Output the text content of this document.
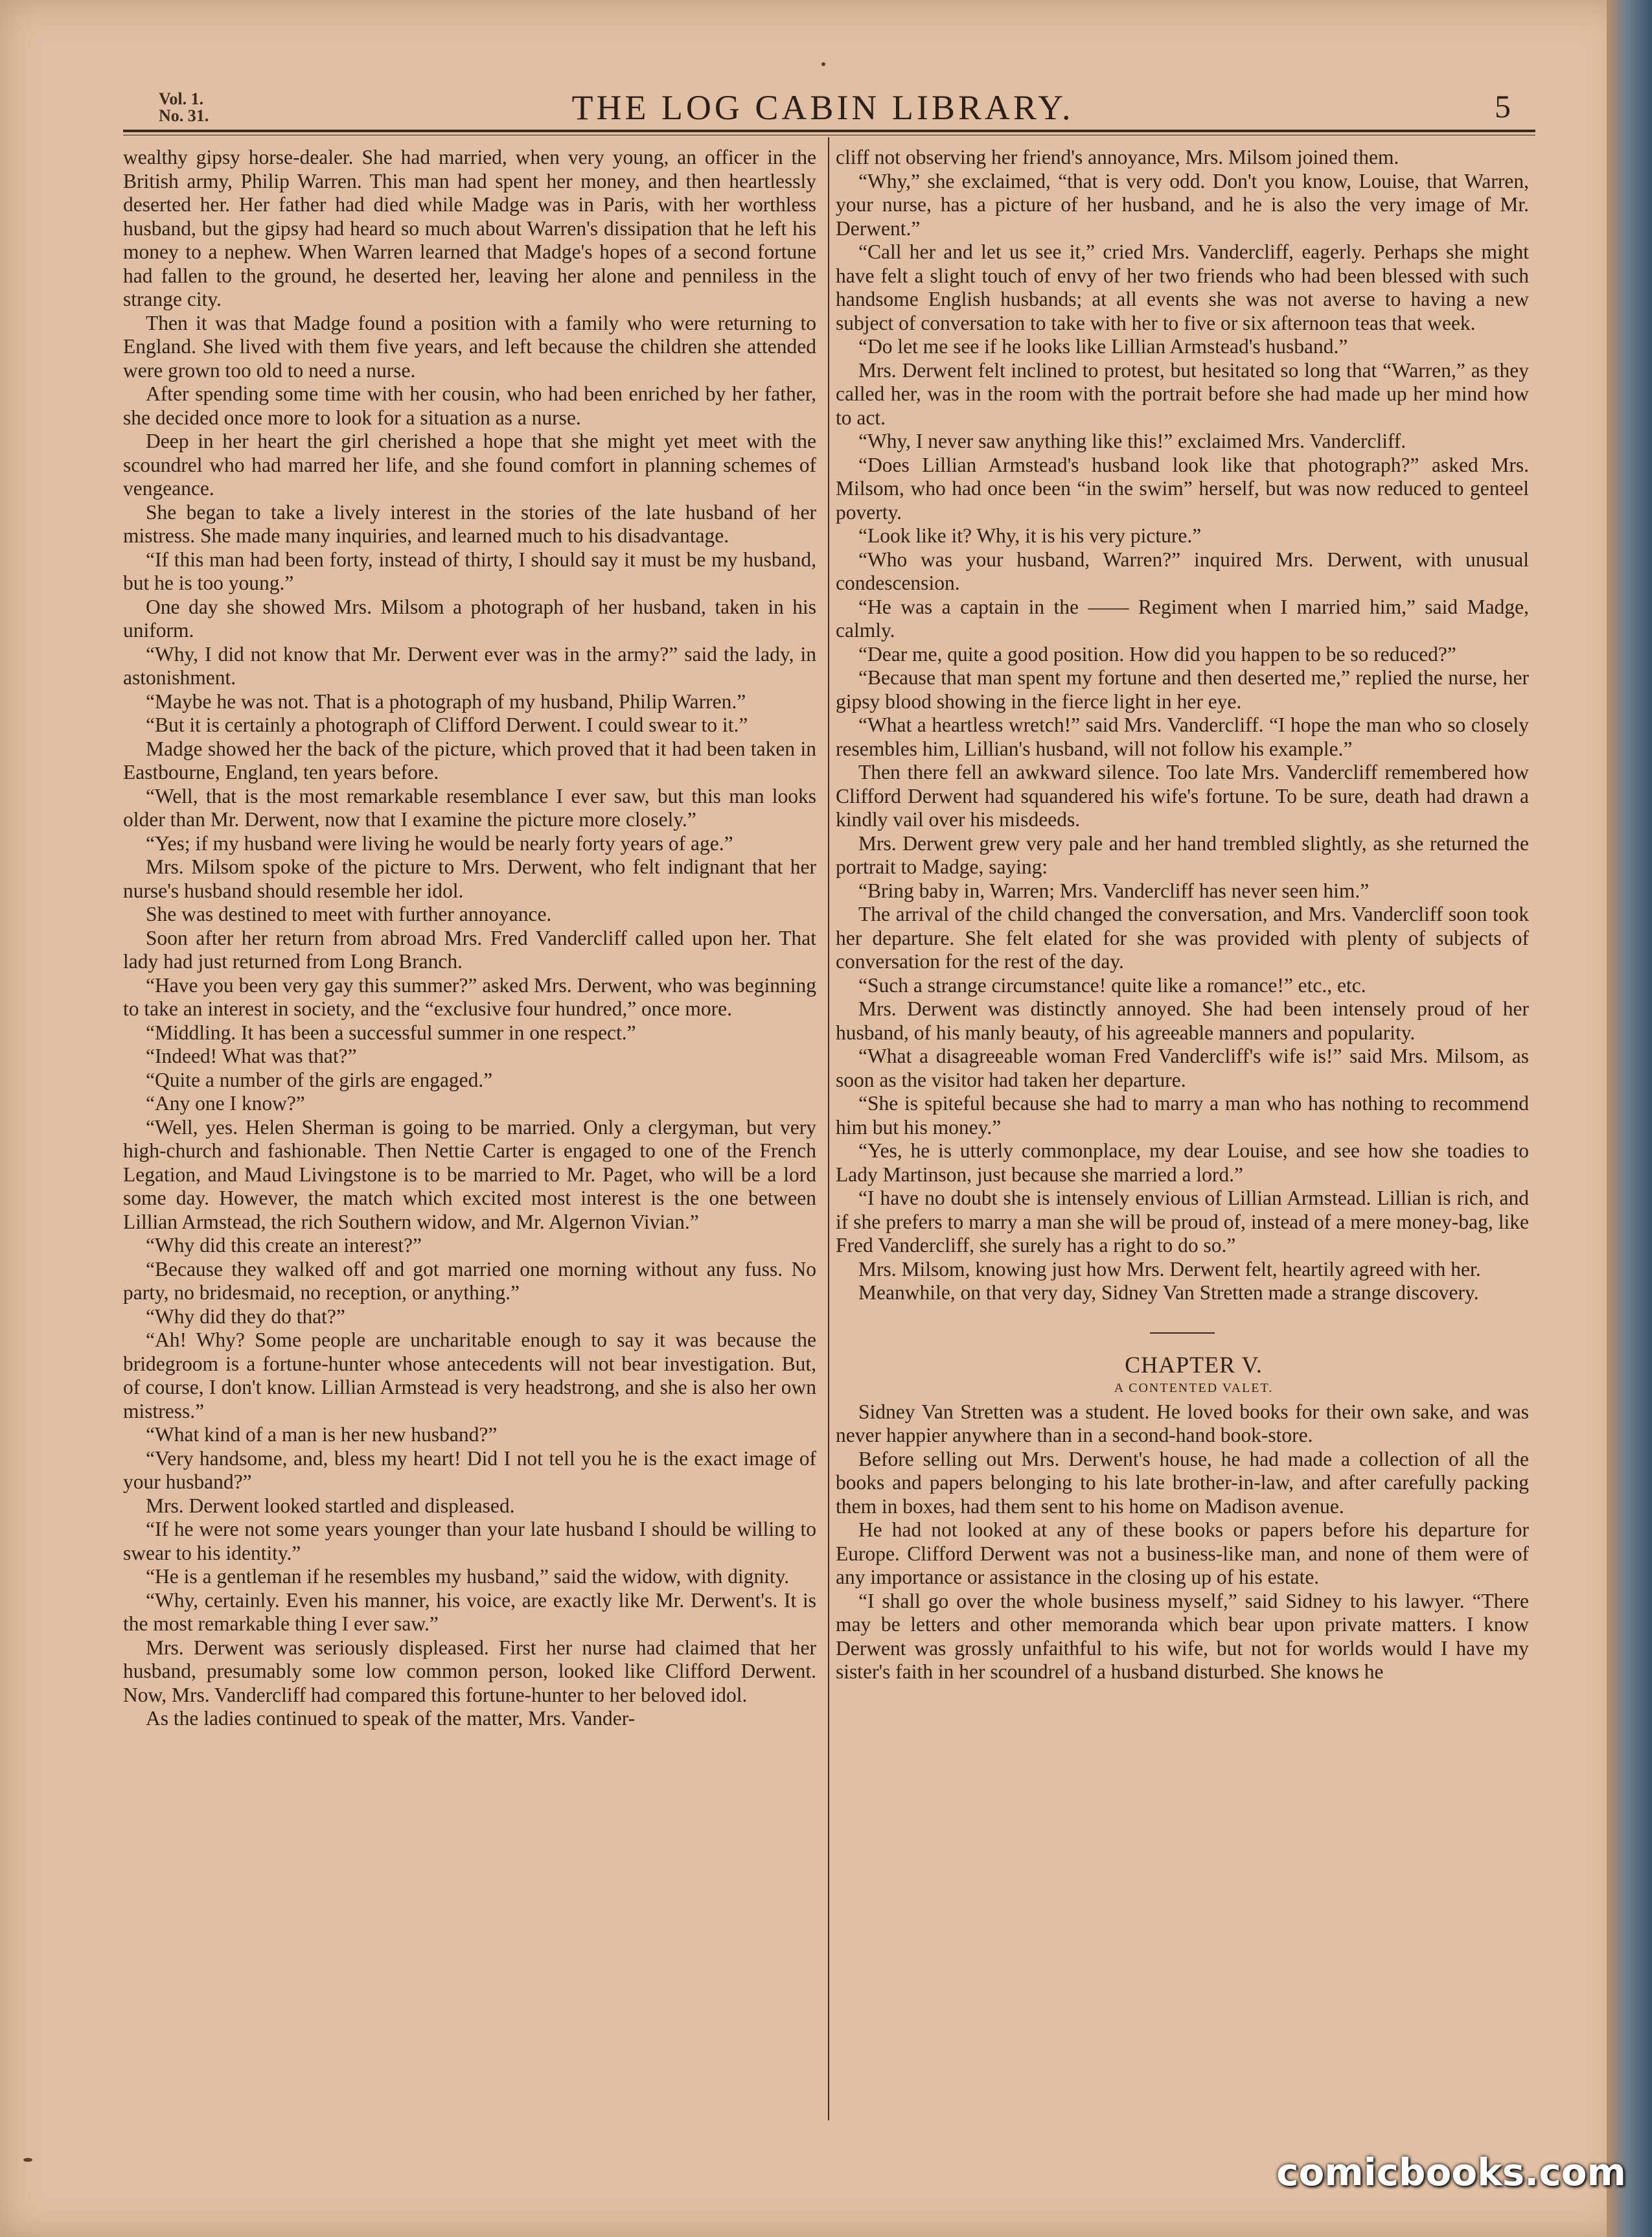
Vol. 1.
No. 31.	THE LOG CABIN LIBRARY.	5

wealthy gipsy horse-dealer. She had married, when very young, an officer in the British army, Philip Warren. This man had spent her money, and then heartlessly deserted her. Her father had died while Madge was in Paris, with her worthless husband, but the gipsy had heard so much about Warren's dissipation that he left his money to a nephew. When Warren learned that Madge's hopes of a second fortune had fallen to the ground, he deserted her, leaving her alone and penniless in the strange city.

Then it was that Madge found a position with a family who were returning to England. She lived with them five years, and left because the children she attended were grown too old to need a nurse.

After spending some time with her cousin, who had been enriched by her father, she decided once more to look for a situation as a nurse.

Deep in her heart the girl cherished a hope that she might yet meet with the scoundrel who had marred her life, and she found comfort in planning schemes of vengeance.

She began to take a lively interest in the stories of the late husband of her mistress. She made many inquiries, and learned much to his disadvantage.

“If this man had been forty, instead of thirty, I should say it must be my husband, but he is too young.”

One day she showed Mrs. Milsom a photograph of her husband, taken in his uniform.

“Why, I did not know that Mr. Derwent ever was in the army?” said the lady, in astonishment.

“Maybe he was not. That is a photograph of my husband, Philip Warren.”

“But it is certainly a photograph of Clifford Derwent. I could swear to it.”

Madge showed her the back of the picture, which proved that it had been taken in Eastbourne, England, ten years before.

“Well, that is the most remarkable resemblance I ever saw, but this man looks older than Mr. Derwent, now that I examine the picture more closely.”

“Yes; if my husband were living he would be nearly forty years of age.”

Mrs. Milsom spoke of the picture to Mrs. Derwent, who felt indignant that her nurse's husband should resemble her idol.

She was destined to meet with further annoyance.

Soon after her return from abroad Mrs. Fred Vandercliff called upon her. That lady had just returned from Long Branch.

“Have you been very gay this summer?” asked Mrs. Derwent, who was beginning to take an interest in society, and the “exclusive four hundred,” once more.

“Middling. It has been a successful summer in one respect.”

“Indeed! What was that?”

“Quite a number of the girls are engaged.”

“Any one I know?”

“Well, yes. Helen Sherman is going to be married. Only a clergyman, but very high-church and fashionable. Then Nettie Carter is engaged to one of the French Legation, and Maud Livingstone is to be married to Mr. Paget, who will be a lord some day. However, the match which excited most interest is the one between Lillian Armstead, the rich Southern widow, and Mr. Algernon Vivian.”

“Why did this create an interest?”

“Because they walked off and got married one morning without any fuss. No party, no bridesmaid, no reception, or anything.”

“Why did they do that?”

“Ah! Why? Some people are uncharitable enough to say it was because the bridegroom is a fortune-hunter whose antecedents will not bear investigation. But, of course, I don't know. Lillian Armstead is very headstrong, and she is also her own mistress.”

“What kind of a man is her new husband?”

“Very handsome, and, bless my heart! Did I not tell you he is the exact image of your husband?”

Mrs. Derwent looked startled and displeased.

“If he were not some years younger than your late husband I should be willing to swear to his identity.”

“He is a gentleman if he resembles my husband,” said the widow, with dignity.

“Why, certainly. Even his manner, his voice, are exactly like Mr. Derwent's. It is the most remarkable thing I ever saw.”

Mrs. Derwent was seriously displeased. First her nurse had claimed that her husband, presumably some low common person, looked like Clifford Derwent. Now, Mrs. Vandercliff had compared this fortune-hunter to her beloved idol.

As the ladies continued to speak of the matter, Mrs. Vander-

cliff not observing her friend's annoyance, Mrs. Milsom joined them.

“Why,” she exclaimed, “that is very odd. Don't you know, Louise, that Warren, your nurse, has a picture of her husband, and he is also the very image of Mr. Derwent.”

“Call her and let us see it,” cried Mrs. Vandercliff, eagerly. Perhaps she might have felt a slight touch of envy of her two friends who had been blessed with such handsome English husbands; at all events she was not averse to having a new subject of conversation to take with her to five or six afternoon teas that week.

“Do let me see if he looks like Lillian Armstead's husband.”

Mrs. Derwent felt inclined to protest, but hesitated so long that “Warren,” as they called her, was in the room with the portrait before she had made up her mind how to act.

“Why, I never saw anything like this!” exclaimed Mrs. Vandercliff.

“Does Lillian Armstead's husband look like that photograph?” asked Mrs. Milsom, who had once been “in the swim” herself, but was now reduced to genteel poverty.

“Look like it? Why, it is his very picture.”

“Who was your husband, Warren?” inquired Mrs. Derwent, with unusual condescension.

“He was a captain in the —— Regiment when I married him,” said Madge, calmly.

“Dear me, quite a good position. How did you happen to be so reduced?”

“Because that man spent my fortune and then deserted me,” replied the nurse, her gipsy blood showing in the fierce light in her eye.

“What a heartless wretch!” said Mrs. Vandercliff. “I hope the man who so closely resembles him, Lillian's husband, will not follow his example.”

Then there fell an awkward silence. Too late Mrs. Vandercliff remembered how Clifford Derwent had squandered his wife's fortune. To be sure, death had drawn a kindly vail over his misdeeds.

Mrs. Derwent grew very pale and her hand trembled slightly, as she returned the portrait to Madge, saying:

“Bring baby in, Warren; Mrs. Vandercliff has never seen him.”

The arrival of the child changed the conversation, and Mrs. Vandercliff soon took her departure. She felt elated for she was provided with plenty of subjects of conversation for the rest of the day.

“Such a strange circumstance! quite like a romance!” etc., etc.

Mrs. Derwent was distinctly annoyed. She had been intensely proud of her husband, of his manly beauty, of his agreeable manners and popularity.

“What a disagreeable woman Fred Vandercliff's wife is!” said Mrs. Milsom, as soon as the visitor had taken her departure.

“She is spiteful because she had to marry a man who has nothing to recommend him but his money.”

“Yes, he is utterly commonplace, my dear Louise, and see how she toadies to Lady Martinson, just because she married a lord.”

“I have no doubt she is intensely envious of Lillian Armstead. Lillian is rich, and if she prefers to marry a man she will be proud of, instead of a mere money-bag, like Fred Vandercliff, she surely has a right to do so.”

Mrs. Milsom, knowing just how Mrs. Derwent felt, heartily agreed with her.

Meanwhile, on that very day, Sidney Van Stretten made a strange discovery.

CHAPTER V.

A CONTENTED VALET.

Sidney Van Stretten was a student. He loved books for their own sake, and was never happier anywhere than in a second-hand book-store.

Before selling out Mrs. Derwent's house, he had made a collection of all the books and papers belonging to his late brother-in-law, and after carefully packing them in boxes, had them sent to his home on Madison avenue.

He had not looked at any of these books or papers before his departure for Europe. Clifford Derwent was not a business-like man, and none of them were of any importance or assistance in the closing up of his estate.

“I shall go over the whole business myself,” said Sidney to his lawyer. “There may be letters and other memoranda which bear upon private matters. I know Derwent was grossly unfaithful to his wife, but not for worlds would I have my sister's faith in her scoundrel of a husband disturbed. She knows he

comicbooks.com
